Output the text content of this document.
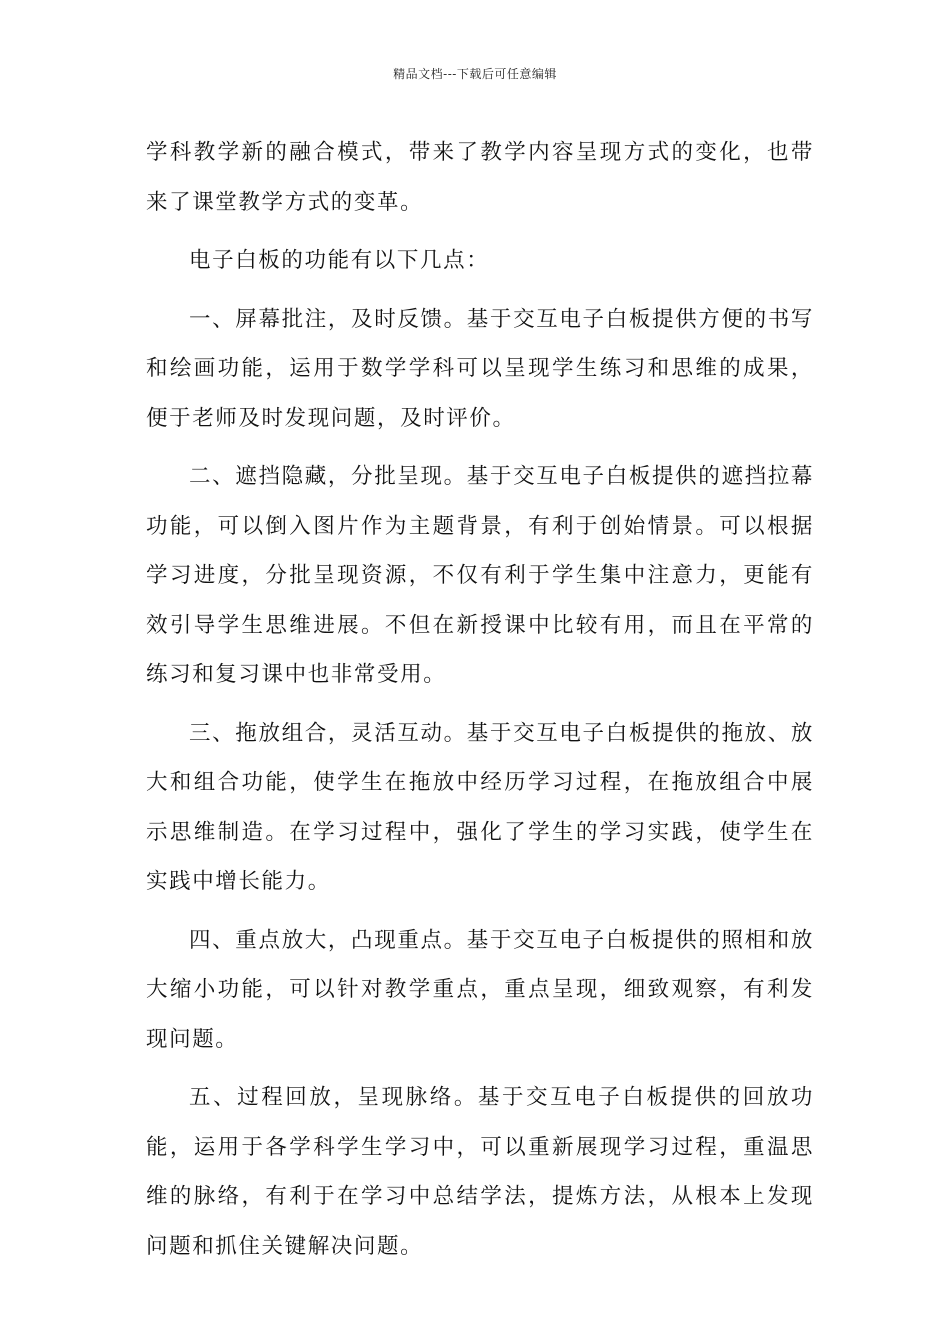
精品文档---下载后可任意编辑

学科教学新的融合模式，带来了教学内容呈现方式的变化，也带来了课堂教学方式的变革。

电子白板的功能有以下几点：

一、屏幕批注，及时反馈。基于交互电子白板提供方便的书写和绘画功能，运用于数学学科可以呈现学生练习和思维的成果，便于老师及时发现问题，及时评价。

二、遮挡隐藏，分批呈现。基于交互电子白板提供的遮挡拉幕功能，可以倒入图片作为主题背景，有利于创始情景。可以根据学习进度，分批呈现资源，不仅有利于学生集中注意力，更能有效引导学生思维进展。不但在新授课中比较有用，而且在平常的练习和复习课中也非常受用。

三、拖放组合，灵活互动。基于交互电子白板提供的拖放、放大和组合功能，使学生在拖放中经历学习过程，在拖放组合中展示思维制造。在学习过程中，强化了学生的学习实践，使学生在实践中增长能力。

四、重点放大，凸现重点。基于交互电子白板提供的照相和放大缩小功能，可以针对教学重点，重点呈现，细致观察，有利发现问题。

五、过程回放，呈现脉络。基于交互电子白板提供的回放功能，运用于各学科学生学习中，可以重新展现学习过程，重温思维的脉络，有利于在学习中总结学法，提炼方法，从根本上发现问题和抓住关键解决问题。
